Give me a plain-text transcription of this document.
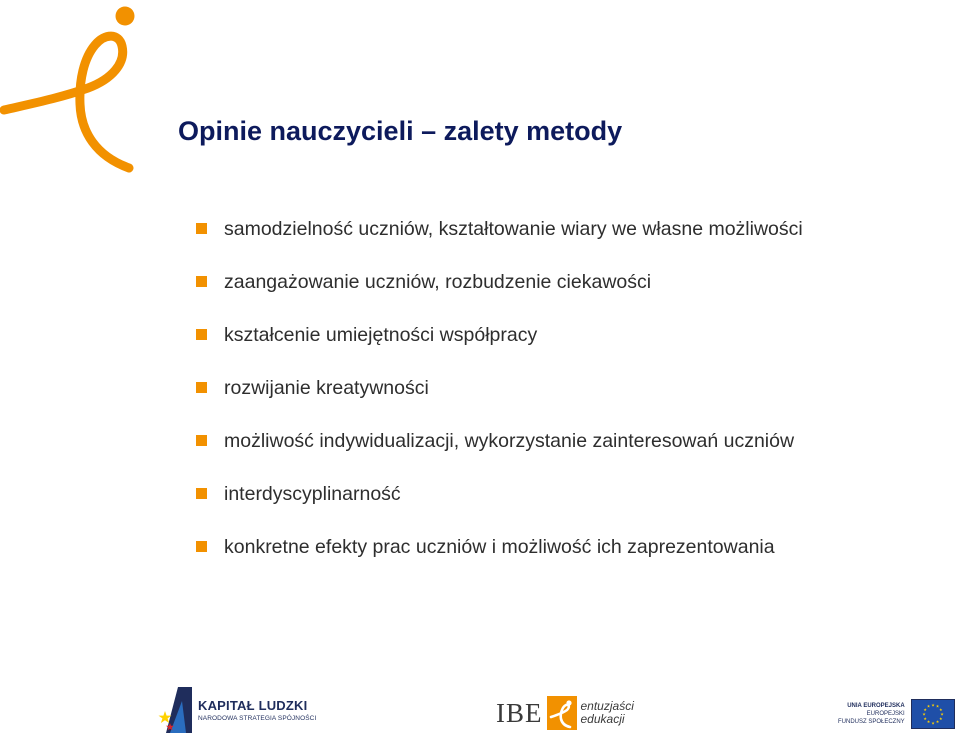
Opinie nauczycieli – zalety metody
samodzielność uczniów, kształtowanie wiary we własne możliwości
zaangażowanie uczniów, rozbudzenie ciekawości
kształcenie umiejętności współpracy
rozwijanie kreatywności
możliwość indywidualizacji, wykorzystanie zainteresowań uczniów
interdyscyplinarność
konkretne efekty prac uczniów i możliwość ich zaprezentowania
KAPITAŁ LUDZKI
NARODOWA STRATEGIA SPÓJNOŚCI	IBE	entuzjaści
edukacji
UNIA EUROPEJSKA
EUROPEJSKI
FUNDUSZ SPOŁECZNY
★ ★
★
★
★
★
★
★
★
★
★
★
